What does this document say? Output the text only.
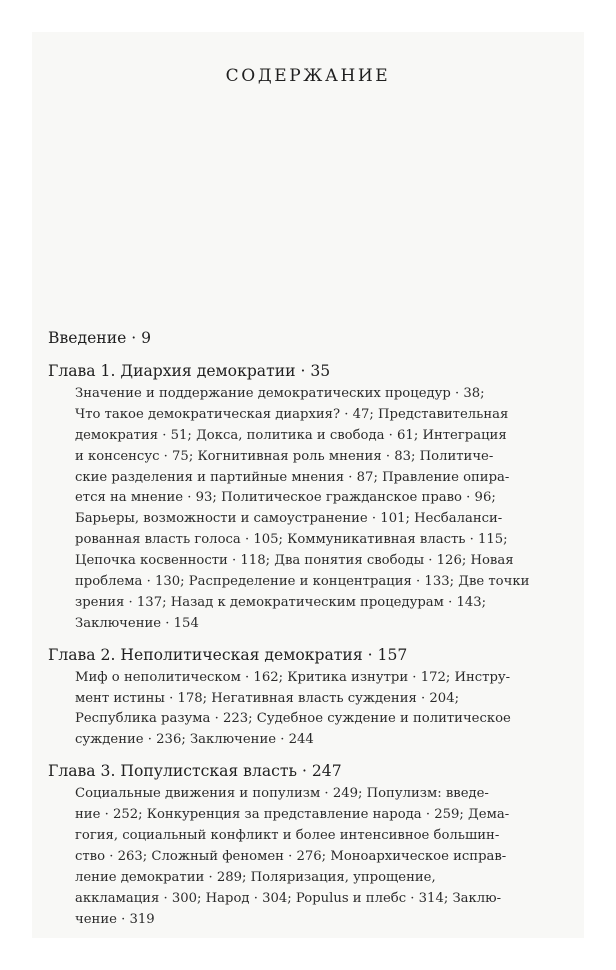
СОДЕРЖАНИЕ
Введение · 9
Глава 1. Диархия демократии · 35
Значение и поддержание демократических процедур · 38;
Что такое демократическая диархия? · 47; Представительная
демократия · 51; Докса, политика и свобода · 61; Интеграция
и консенсус · 75; Когнитивная роль мнения · 83; Политиче-
ские разделения и партийные мнения · 87; Правление опира-
ется на мнение · 93; Политическое гражданское право · 96;
Барьеры, возможности и самоустранение · 101; Несбаланси-
рованная власть голоса · 105; Коммуникативная власть · 115;
Цепочка косвенности · 118; Два понятия свободы · 126; Новая
проблема · 130; Распределение и концентрация · 133; Две точки
зрения · 137; Назад к демократическим процедурам · 143;
Заключение · 154
Глава 2. Неполитическая демократия · 157
Миф о неполитическом · 162; Критика изнутри · 172; Инстру-
мент истины · 178; Негативная власть суждения · 204;
Республика разума · 223; Судебное суждение и политическое
суждение · 236; Заключение · 244
Глава 3. Популистская власть · 247
Социальные движения и популизм · 249; Популизм: введе-
ние · 252; Конкуренция за представление народа · 259; Дема-
гогия, социальный конфликт и более интенсивное большин-
ство · 263; Сложный феномен · 276; Моноархическое исправ-
ление демократии · 289; Поляризация, упрощение,
аккламация · 300; Народ · 304; Populus и плебс · 314; Заклю-
чение · 319
